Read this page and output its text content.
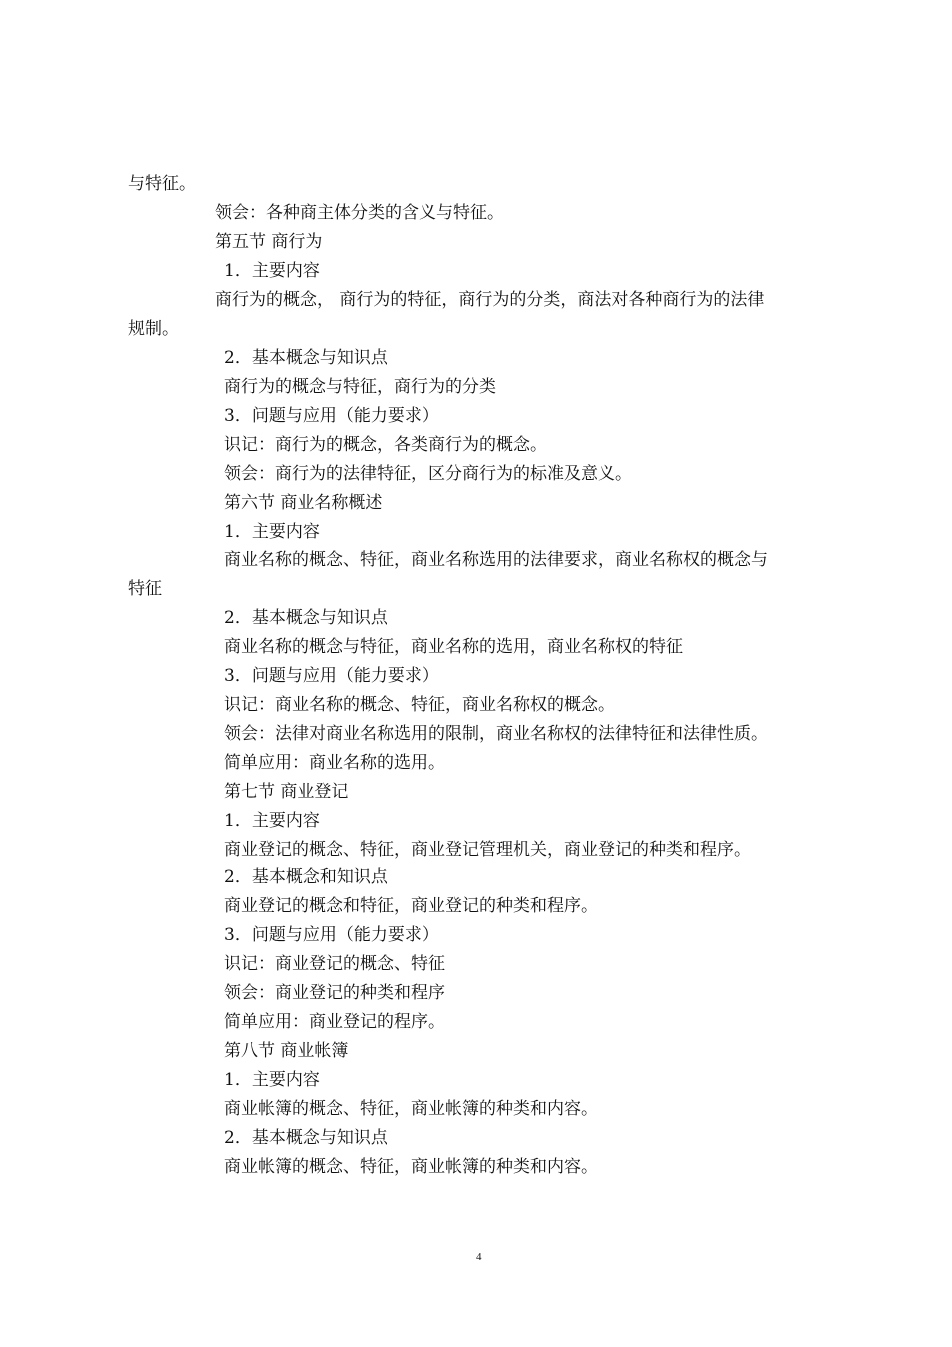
与特征。
领会：各种商主体分类的含义与特征。
第五节 商行为
1．主要内容
商行为的概念， 商行为的特征，商行为的分类，商法对各种商行为的法律
规制。
2．基本概念与知识点
商行为的概念与特征，商行为的分类
3．问题与应用（能力要求）
识记：商行为的概念，各类商行为的概念。
领会：商行为的法律特征，区分商行为的标准及意义。
第六节 商业名称概述
1．主要内容
商业名称的概念、特征，商业名称选用的法律要求，商业名称权的概念与
特征
2．基本概念与知识点
商业名称的概念与特征，商业名称的选用，商业名称权的特征
3．问题与应用（能力要求）
识记：商业名称的概念、特征，商业名称权的概念。
领会：法律对商业名称选用的限制，商业名称权的法律特征和法律性质。
简单应用：商业名称的选用。
第七节 商业登记
1．主要内容
商业登记的概念、特征，商业登记管理机关，商业登记的种类和程序。
2．基本概念和知识点
商业登记的概念和特征，商业登记的种类和程序。
3．问题与应用（能力要求）
识记：商业登记的概念、特征
领会：商业登记的种类和程序
简单应用：商业登记的程序。
第八节 商业帐簿
1．主要内容
商业帐簿的概念、特征，商业帐簿的种类和内容。
2．基本概念与知识点
商业帐簿的概念、特征，商业帐簿的种类和内容。
4
